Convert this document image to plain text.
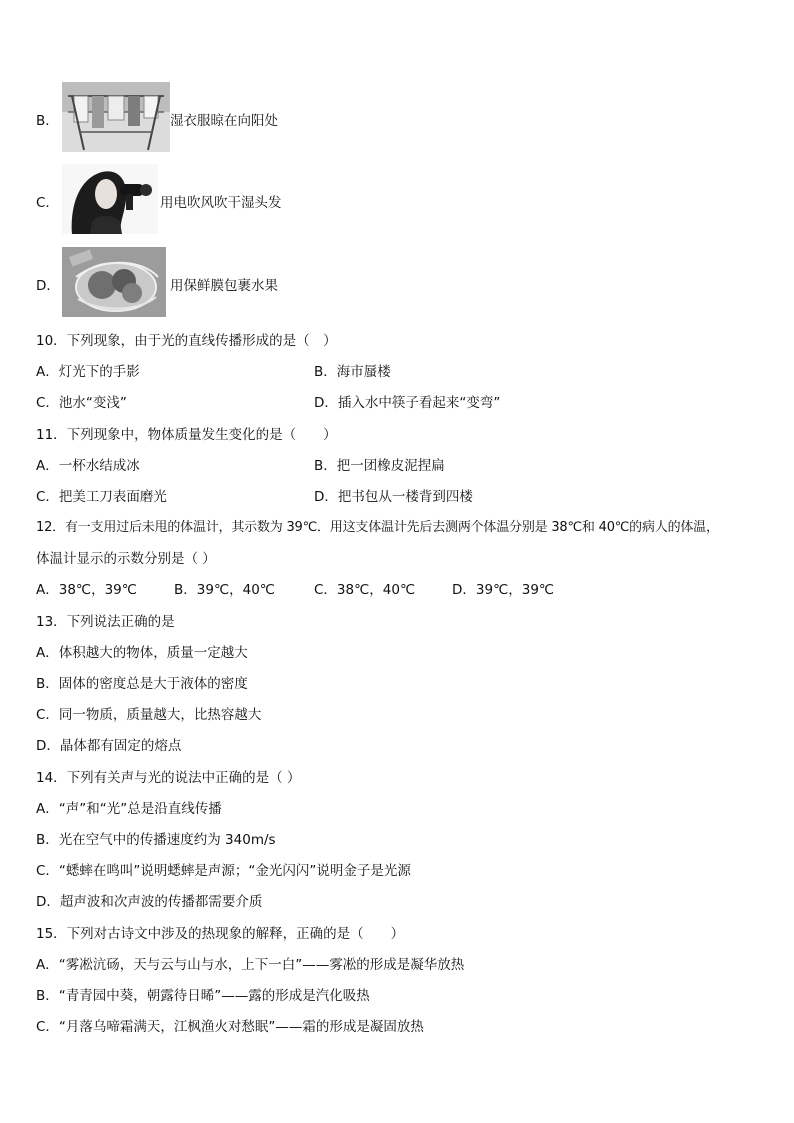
B．	湿衣服晾在向阳处
C．	用电吹风吹干湿头发
D．	用保鲜膜包裹水果
10．下列现象，由于光的直线传播形成的是（　）
A．灯光下的手影	B．海市蜃楼
C．池水“变浅”	D．插入水中筷子看起来“变弯”
11．下列现象中，物体质量发生变化的是（　　）
A．一杯水结成冰	B．把一团橡皮泥捏扁
C．把美工刀表面磨光	D．把书包从一楼背到四楼
12．有一支用过后未甩的体温计，其示数为 39℃．用这支体温计先后去测两个体温分别是 38℃和 40℃的病人的体温，
体温计显示的示数分别是（ ）
A．38℃，39℃	B．39℃，40℃	C．38℃，40℃	D．39℃，39℃
13．下列说法正确的是
A．体积越大的物体，质量一定越大
B．固体的密度总是大于液体的密度
C．同一物质，质量越大，比热容越大
D．晶体都有固定的熔点
14．下列有关声与光的说法中正确的是（ ）
A．“声”和“光”总是沿直线传播
B．光在空气中的传播速度约为 340m/s
C．“蟋蟀在鸣叫”说明蟋蟀是声源；“金光闪闪”说明金子是光源
D．超声波和次声波的传播都需要介质
15．下列对古诗文中涉及的热现象的解释，正确的是（　　）
A．“雾凇沆砀，天与云与山与水，上下一白”——雾凇的形成是凝华放热
B．“青青园中葵，朝露待日晞”——露的形成是汽化吸热
C．“月落乌啼霜满天，江枫渔火对愁眠”——霜的形成是凝固放热
